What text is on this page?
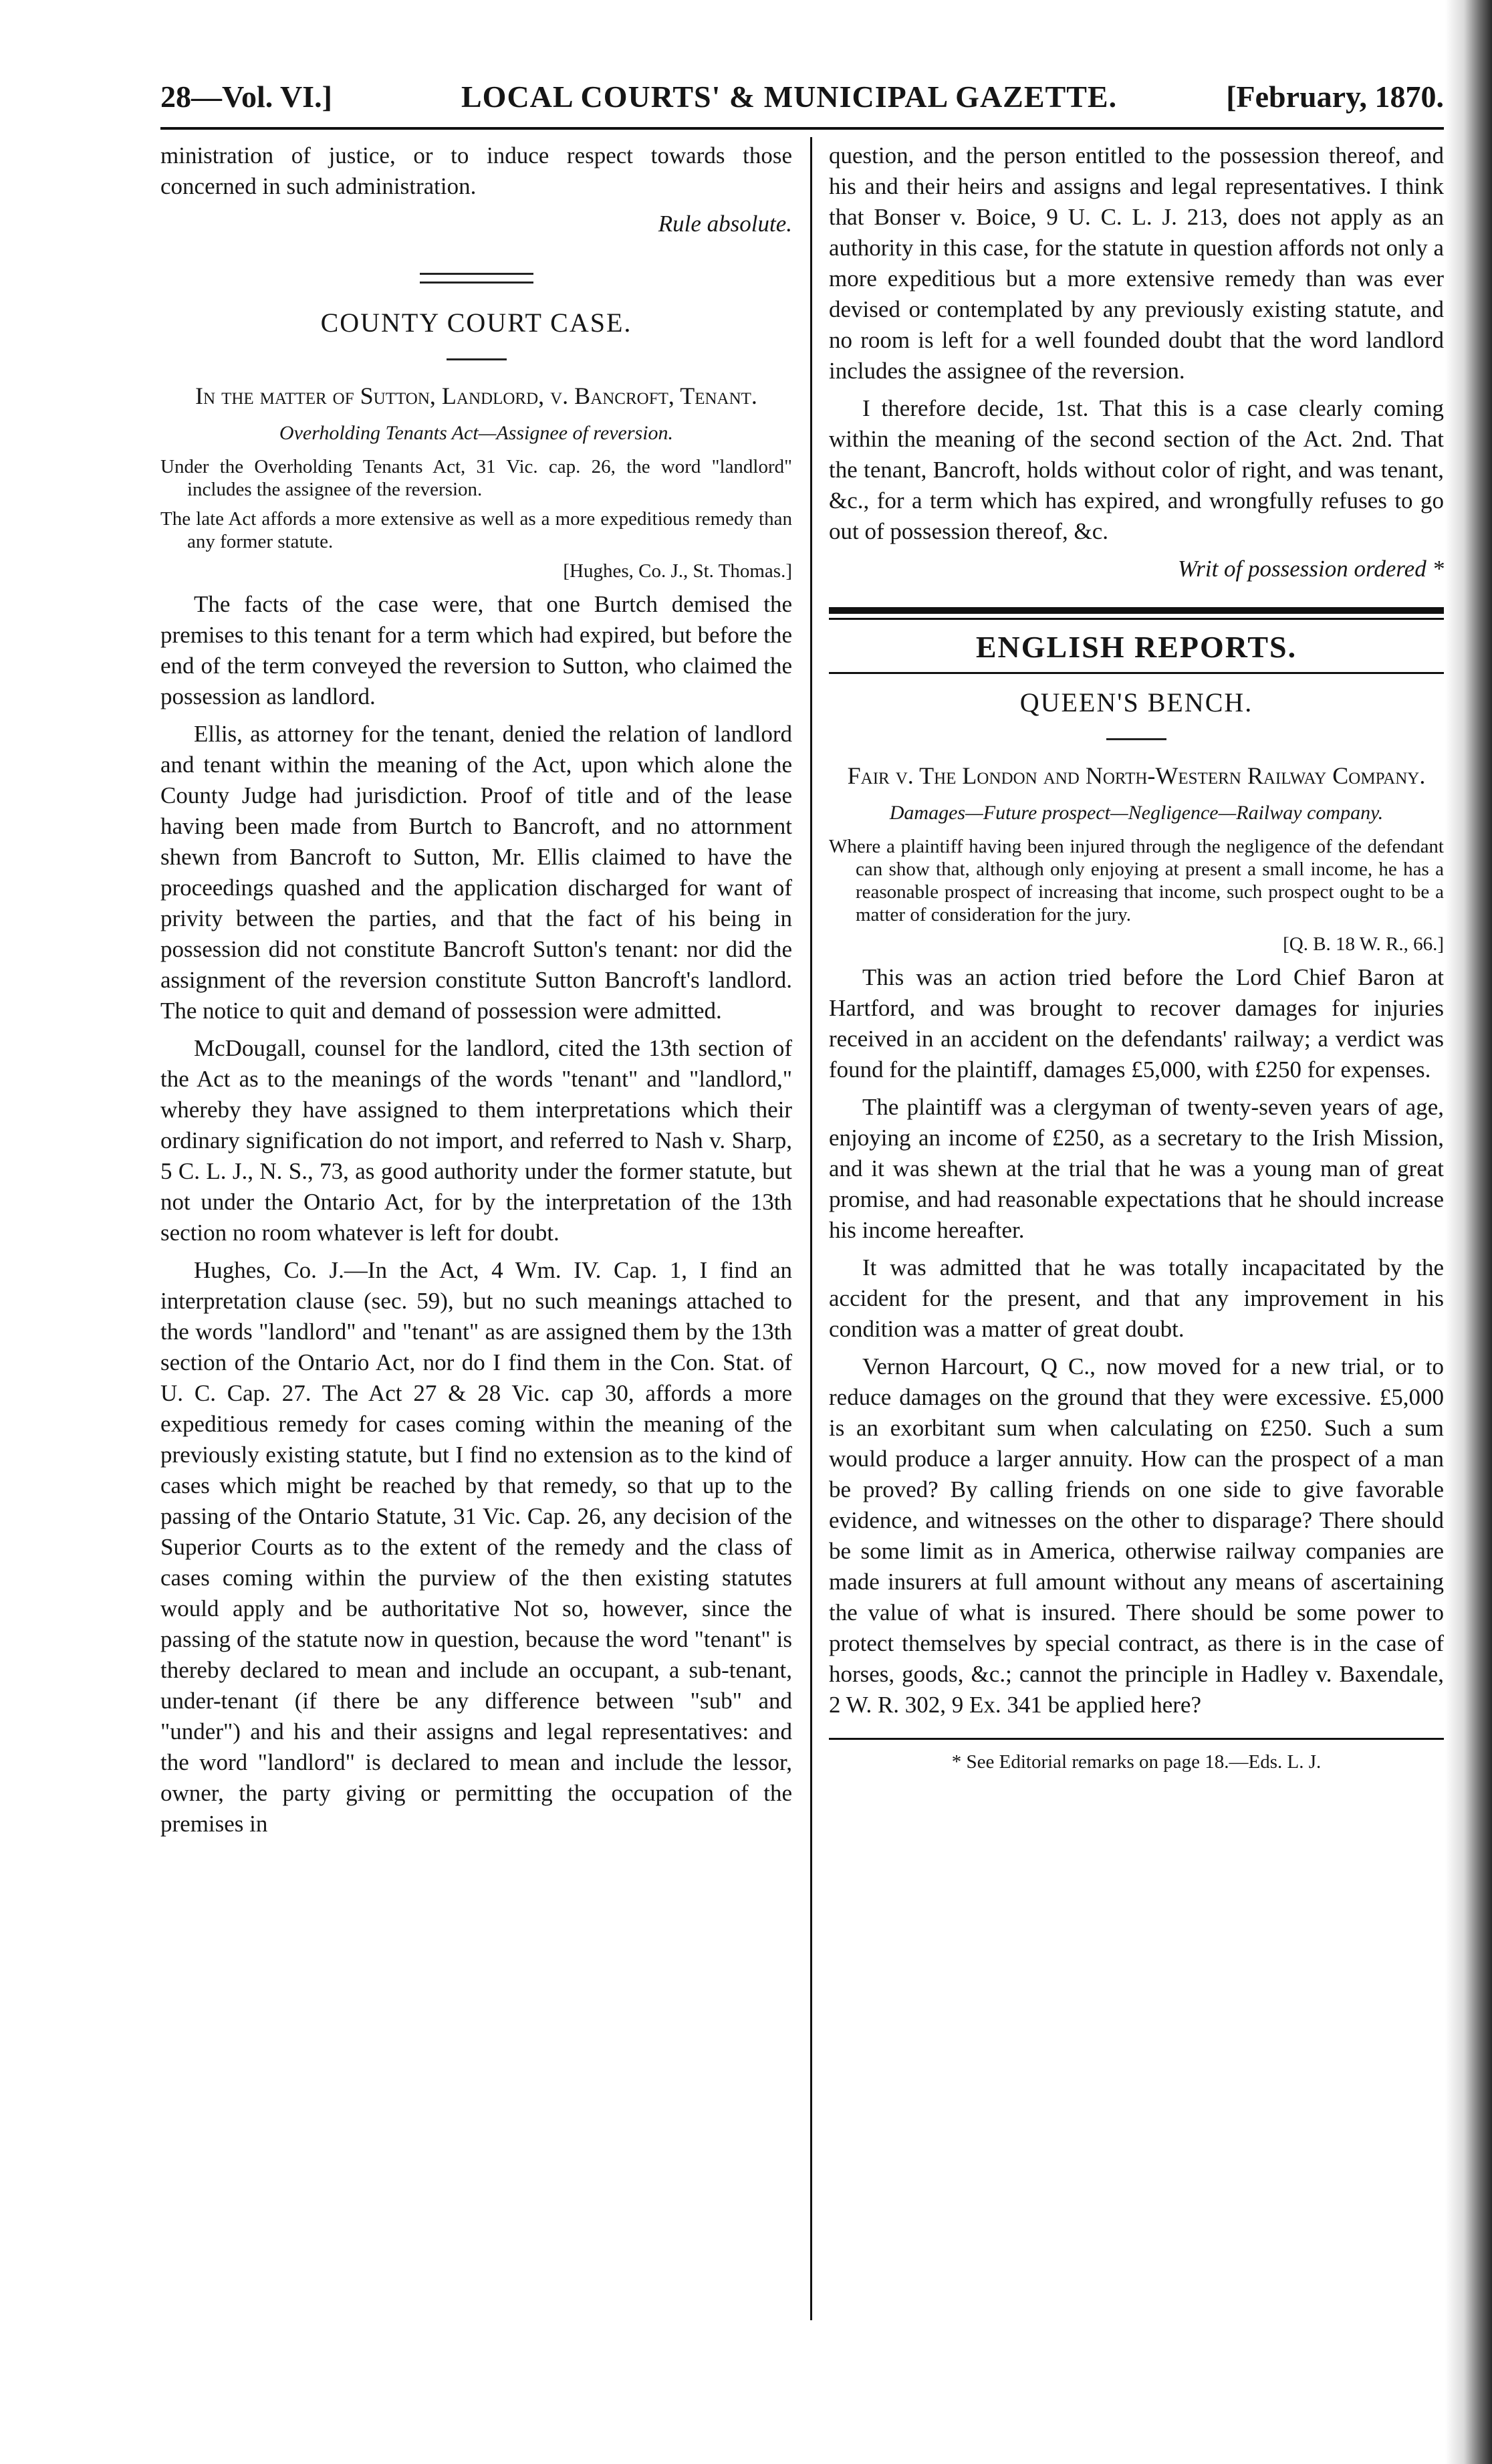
28—Vol. VI.]	LOCAL COURTS' & MUNICIPAL GAZETTE.	[February, 1870.

ministration of justice, or to induce respect towards those concerned in such administration.

Rule absolute.

COUNTY COURT CASE.

In the matter of Sutton, Landlord, v. Bancroft, Tenant.

Overholding Tenants Act—Assignee of reversion.

Under the Overholding Tenants Act, 31 Vic. cap. 26, the word "landlord" includes the assignee of the reversion.

The late Act affords a more extensive as well as a more expeditious remedy than any former statute.

[Hughes, Co. J., St. Thomas.]

The facts of the case were, that one Burtch demised the premises to this tenant for a term which had expired, but before the end of the term conveyed the reversion to Sutton, who claimed the possession as landlord.

Ellis, as attorney for the tenant, denied the relation of landlord and tenant within the meaning of the Act, upon which alone the County Judge had jurisdiction. Proof of title and of the lease having been made from Burtch to Bancroft, and no attornment shewn from Bancroft to Sutton, Mr. Ellis claimed to have the proceedings quashed and the application discharged for want of privity between the parties, and that the fact of his being in possession did not constitute Bancroft Sutton's tenant: nor did the assignment of the reversion constitute Sutton Bancroft's landlord. The notice to quit and demand of possession were admitted.

McDougall, counsel for the landlord, cited the 13th section of the Act as to the meanings of the words "tenant" and "landlord," whereby they have assigned to them interpretations which their ordinary signification do not import, and referred to Nash v. Sharp, 5 C. L. J., N. S., 73, as good authority under the former statute, but not under the Ontario Act, for by the interpretation of the 13th section no room whatever is left for doubt.

Hughes, Co. J.—In the Act, 4 Wm. IV. Cap. 1, I find an interpretation clause (sec. 59), but no such meanings attached to the words "landlord" and "tenant" as are assigned them by the 13th section of the Ontario Act, nor do I find them in the Con. Stat. of U. C. Cap. 27. The Act 27 & 28 Vic. cap 30, affords a more expeditious remedy for cases coming within the meaning of the previously existing statute, but I find no extension as to the kind of cases which might be reached by that remedy, so that up to the passing of the Ontario Statute, 31 Vic. Cap. 26, any decision of the Superior Courts as to the extent of the remedy and the class of cases coming within the purview of the then existing statutes would apply and be authoritative Not so, however, since the passing of the statute now in question, because the word "tenant" is thereby declared to mean and include an occupant, a sub-tenant, under-tenant (if there be any difference between "sub" and "under") and his and their assigns and legal representatives: and the word "landlord" is declared to mean and include the lessor, owner, the party giving or permitting the occupation of the premises in

question, and the person entitled to the possession thereof, and his and their heirs and assigns and legal representatives. I think that Bonser v. Boice, 9 U. C. L. J. 213, does not apply as an authority in this case, for the statute in question affords not only a more expeditious but a more extensive remedy than was ever devised or contemplated by any previously existing statute, and no room is left for a well founded doubt that the word landlord includes the assignee of the reversion.

I therefore decide, 1st. That this is a case clearly coming within the meaning of the second section of the Act. 2nd. That the tenant, Bancroft, holds without color of right, and was tenant, &c., for a term which has expired, and wrongfully refuses to go out of possession thereof, &c.

Writ of possession ordered *

ENGLISH REPORTS.

QUEEN'S BENCH.

Fair v. The London and North-Western Railway Company.

Damages—Future prospect—Negligence—Railway company.

Where a plaintiff having been injured through the negligence of the defendant can show that, although only enjoying at present a small income, he has a reasonable prospect of increasing that income, such prospect ought to be a matter of consideration for the jury.

[Q. B. 18 W. R., 66.]

This was an action tried before the Lord Chief Baron at Hartford, and was brought to recover damages for injuries received in an accident on the defendants' railway; a verdict was found for the plaintiff, damages £5,000, with £250 for expenses.

The plaintiff was a clergyman of twenty-seven years of age, enjoying an income of £250, as a secretary to the Irish Mission, and it was shewn at the trial that he was a young man of great promise, and had reasonable expectations that he should increase his income hereafter.

It was admitted that he was totally incapacitated by the accident for the present, and that any improvement in his condition was a matter of great doubt.

Vernon Harcourt, Q C., now moved for a new trial, or to reduce damages on the ground that they were excessive. £5,000 is an exorbitant sum when calculating on £250. Such a sum would produce a larger annuity. How can the prospect of a man be proved? By calling friends on one side to give favorable evidence, and witnesses on the other to disparage? There should be some limit as in America, otherwise railway companies are made insurers at full amount without any means of ascertaining the value of what is insured. There should be some power to protect themselves by special contract, as there is in the case of horses, goods, &c.; cannot the principle in Hadley v. Baxendale, 2 W. R. 302, 9 Ex. 341 be applied here?

* See Editorial remarks on page 18.—Eds. L. J.
